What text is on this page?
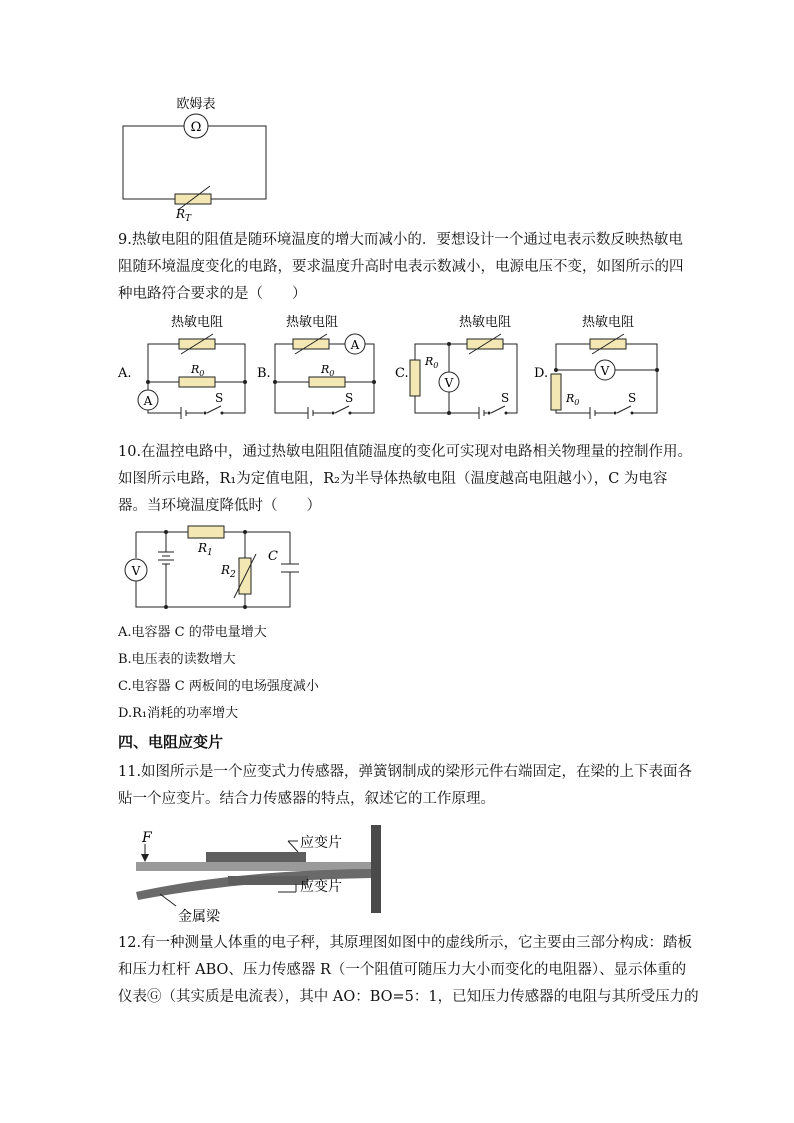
欧姆表
Ω
$R_T$
9.热敏电阻的阻值是随环境温度的增大而减小的．要想设计一个通过电表示数反映热敏电
阻随环境温度变化的电路，要求温度升高时电表示数减小，电源电压不变，如图所示的四
种电路符合要求的是（　　）
热敏电阻
A.	$R_0$
A	S
热敏电阻
B.
A
$R_0$
S
热敏电阻
C.
$R_0$
V
S
热敏电阻
D.	V
$R_0$	S
10.在温控电路中，通过热敏电阻阻值随温度的变化可实现对电路相关物理量的控制作用。
如图所示电路，R₁为定值电阻，R₂为半导体热敏电阻（温度越高电阻越小），C 为电容
器。当环境温度降低时（　　）
V
C
$R_1$
$R_2$
A.电容器 C 的带电量增大
B.电压表的读数增大
C.电容器 C 两板间的电场强度减小
D.R₁消耗的功率增大
四、电阻应变片
11.如图所示是一个应变式力传感器，弹簧钢制成的梁形元件右端固定，在梁的上下表面各
贴一个应变片。结合力传感器的特点，叙述它的工作原理。
F	应变片
应变片
金属梁
12.有一种测量人体重的电子秤，其原理图如图中的虚线所示，它主要由三部分构成：踏板
和压力杠杆 ABO、压力传感器 R（一个阻值可随压力大小而变化的电阻器）、显示体重的
仪表Ⓖ（其实质是电流表），其中 AO：BO=5：1，已知压力传感器的电阻与其所受压力的
